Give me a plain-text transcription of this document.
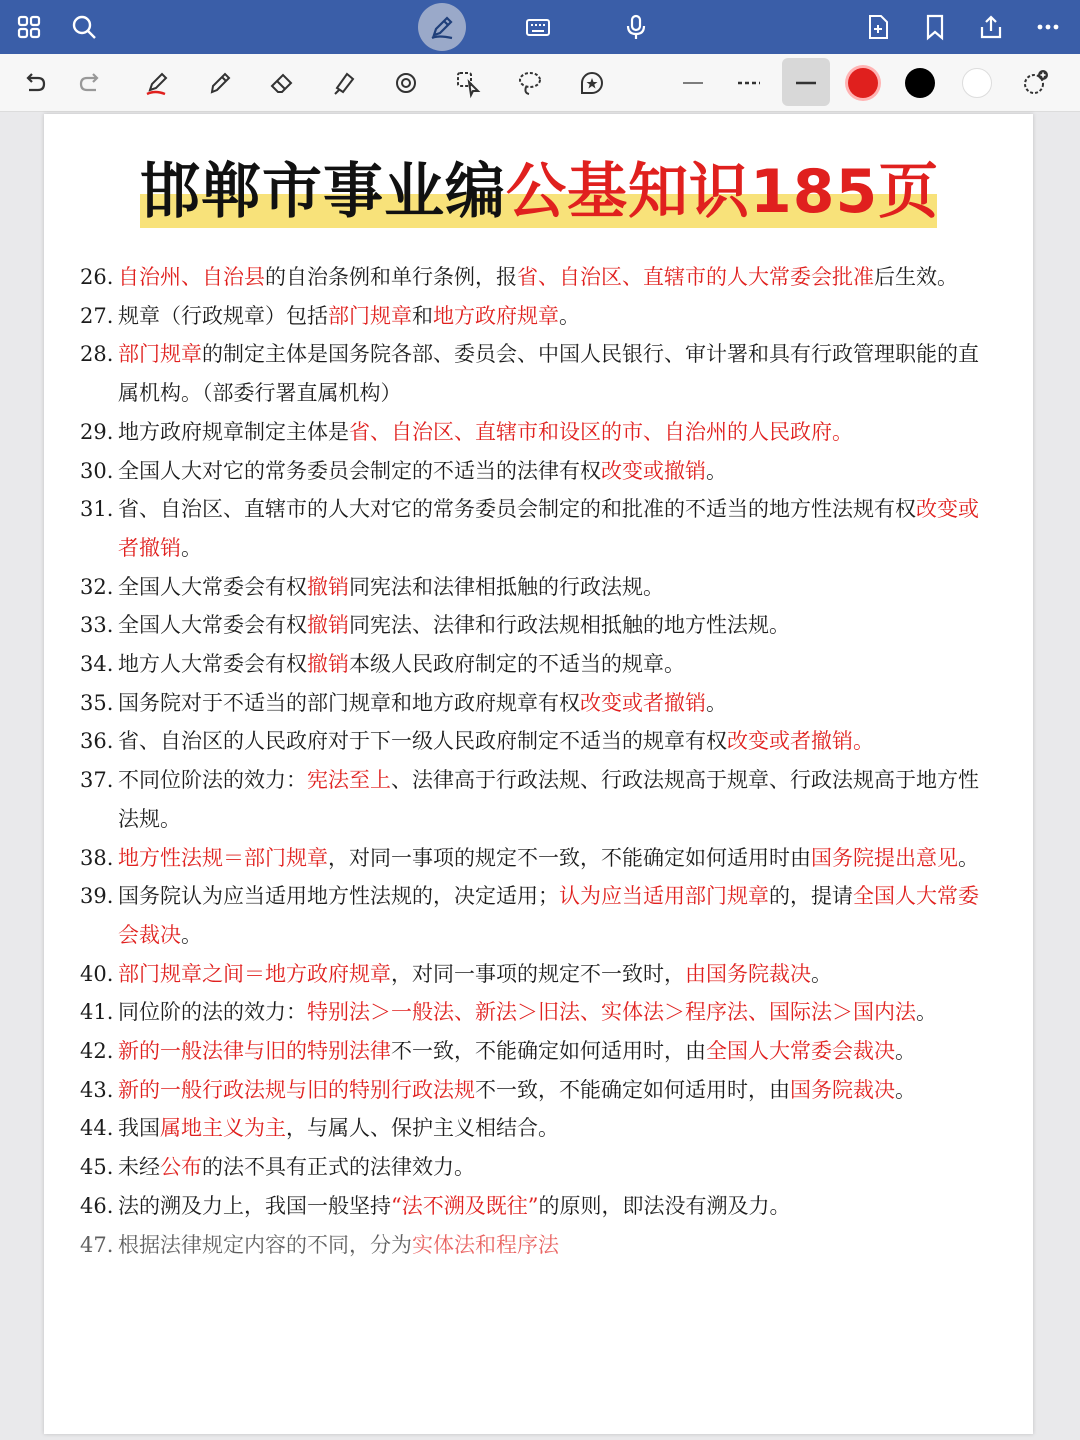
邯郸市事业编公基知识185页
26. 自治州、自治县的自治条例和单行条例，报省、自治区、直辖市的人大常委会批准后生效。
27. 规章（行政规章）包括部门规章和地方政府规章。
28. 部门规章的制定主体是国务院各部、委员会、中国人民银行、审计署和具有行政管理职能的直属机构。（部委行署直属机构）
29. 地方政府规章制定主体是省、自治区、直辖市和设区的市、自治州的人民政府。
30. 全国人大对它的常务委员会制定的不适当的法律有权改变或撤销。
31. 省、自治区、直辖市的人大对它的常务委员会制定的和批准的不适当的地方性法规有权改变或者撤销。
32. 全国人大常委会有权撤销同宪法和法律相抵触的行政法规。
33. 全国人大常委会有权撤销同宪法、法律和行政法规相抵触的地方性法规。
34. 地方人大常委会有权撤销本级人民政府制定的不适当的规章。
35. 国务院对于不适当的部门规章和地方政府规章有权改变或者撤销。
36. 省、自治区的人民政府对于下一级人民政府制定不适当的规章有权改变或者撤销。
37. 不同位阶法的效力：宪法至上、法律高于行政法规、行政法规高于规章、行政法规高于地方性法规。
38. 地方性法规＝部门规章，对同一事项的规定不一致，不能确定如何适用时由国务院提出意见。
39. 国务院认为应当适用地方性法规的，决定适用；认为应当适用部门规章的，提请全国人大常委会裁决。
40. 部门规章之间＝地方政府规章，对同一事项的规定不一致时，由国务院裁决。
41. 同位阶的法的效力：特别法＞一般法、新法＞旧法、实体法＞程序法、国际法＞国内法。
42. 新的一般法律与旧的特别法律不一致，不能确定如何适用时，由全国人大常委会裁决。
43. 新的一般行政法规与旧的特别行政法规不一致，不能确定如何适用时，由国务院裁决。
44. 我国属地主义为主，与属人、保护主义相结合。
45. 未经公布的法不具有正式的法律效力。
46. 法的溯及力上，我国一般坚持“法不溯及既往”的原则，即法没有溯及力。
47. 根据法律规定内容的不同，分为实体法和程序法
